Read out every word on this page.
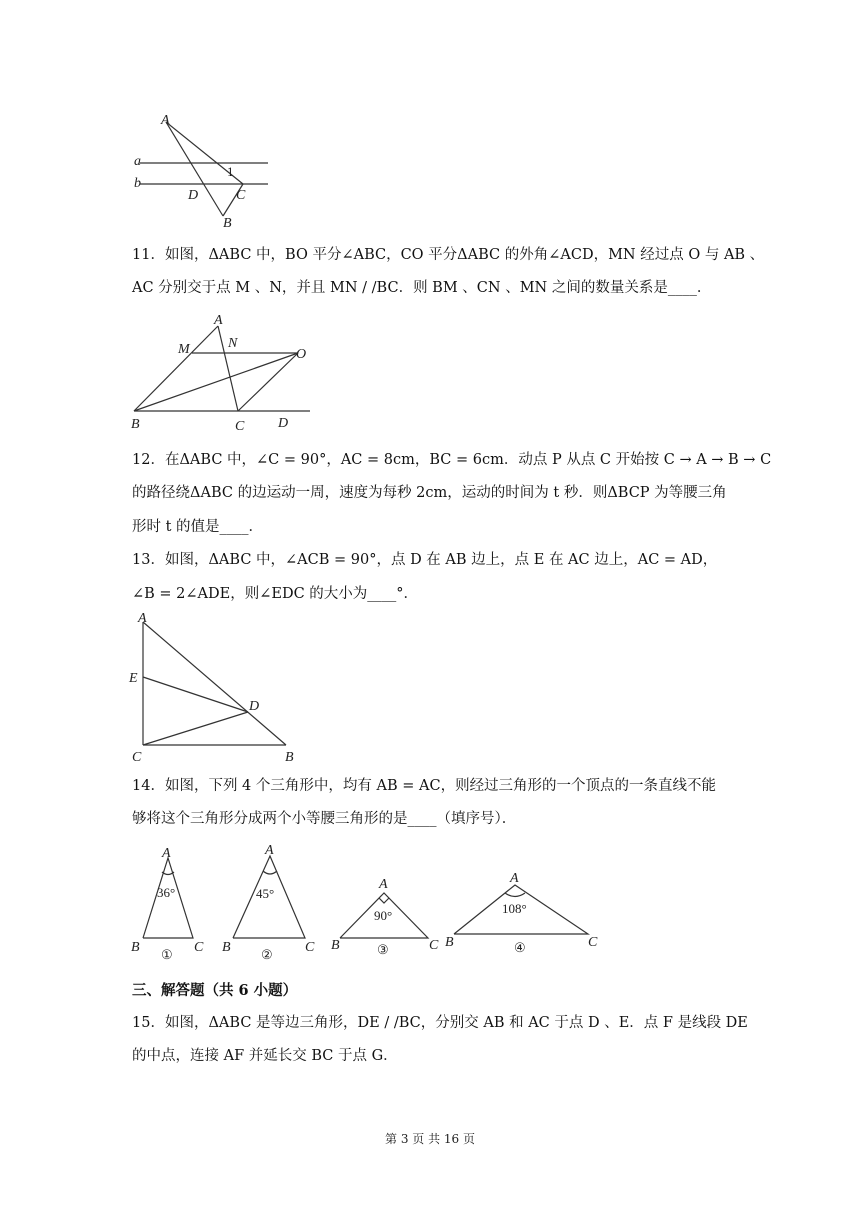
A
a
b
1
D	C
B
11．如图，ΔABC 中，BO 平分∠ABC，CO 平分ΔABC 的外角∠ACD，MN 经过点 O 与 AB 、
AC 分别交于点 M 、N，并且 MN / /BC．则 BM 、CN 、MN 之间的数量关系是____．
A
M	N
O
B	C D
12．在ΔABC 中，∠C = 90°，AC = 8cm，BC = 6cm．动点 P 从点 C 开始按 C → A → B → C
的路径绕ΔABC 的边运动一周，速度为每秒 2cm，运动的时间为 t 秒．则ΔBCP 为等腰三角
形时 t 的值是____．
13．如图，ΔABC 中，∠ACB = 90°，点 D 在 AB 边上，点 E 在 AC 边上，AC = AD，
∠B = 2∠ADE，则∠EDC 的大小为____°．
A
E
D
C	B
14．如图，下列 4 个三角形中，均有 AB = AC，则经过三角形的一个顶点的一条直线不能
够将这个三角形分成两个小等腰三角形的是____（填序号）．
A
36°
B	C
①
A
45°
B	C
②
A
90°
B	C
③
A
108°
B	C
④
三、解答题（共 6 小题）
15．如图，ΔABC 是等边三角形，DE / /BC，分别交 AB 和 AC 于点 D 、E．点 F 是线段 DE
的中点，连接 AF 并延长交 BC 于点 G．
第 3 页 共 16 页
